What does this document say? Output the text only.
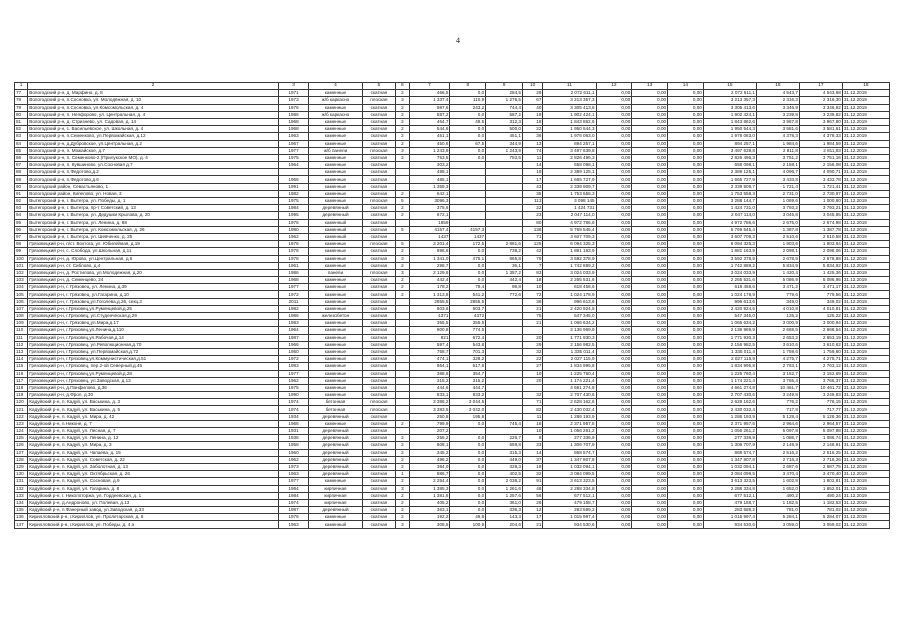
4
1	2	3	4	5	6	7	8	9	10	11	12	13	14	15	16	17	18
77	Вологодский р-н, д. Марфино, д. 8	1971	каменные	скатная	2	466,5	0,0	284,5	28	2 072 611,1	0,00	0,00	0,00	2 072 611,1	4 543,7	4 543,68	31.12.2019
78	Вологодский р-н, п.Сосновка, ул. Молодёжная, д. 10	1973	ж/б каркасно	плоская	3	1 337,4	110,9	1 276,5	67	3 213 357,3	0,00	0,00	0,00	3 213 357,3	2 316,3	2 316,30	31.12.2019
79	Вологодский р-н, п.Сосновка, ул.Комсомольская, д. 4	1976	каменные	скатная	2	987,6	243,2	744,4	40	3 305 413,6	0,00	0,00	0,00	3 305 413,6	3 346,9	3 346,92	31.12.2019
80	Вологодский р-н, п. Непфорово, ул. Центральная, д. 4	1986	ж/б каркасно	скатная	2	587,2	0,0	587,2	19	1 902 424,1	0,00	0,00	0,00	1 902 424,1	3 239,8	3 239,82	31.12.2019
81	Вологодский р-н, д. Стризнево, ул. Садовая, д. 14	1968	каменные	скатная	2	464,7	49,5	312,3	18	1 843 862,6	0,00	0,00	0,00	1 843 862,6	3 967,8	3 967,80	31.12.2019
82	Вологодский р-н, с. Васильевское, ул. Школьная, д. 4	1968	каменные	скатная	2	544,6	0,0	500,0	22	1 950 544,3	0,00	0,00	0,00	1 950 544,3	3 581,6	3 581,61	31.12.2019
83	Вологодский р-н, п.Семенково, ул.Первомайская, д.12	1963	каменные	скатная	2	451,1	0,0	451,1	36	1 978 063,0	0,00	0,00	0,00	1 978 063,0	4 378,3	4 378,33	31.12.2019
84	Вологодский р-н, д.Дубровское, ул.Центральная, д.2	1967	каменные	скатная	2	450,6	67,5	344,9	13	894 257,1	0,00	0,00	0,00	894 257,1	1 984,6	1 984,59	31.12.2019
85	Вологодский р-н, п. Можайское, д.7	1977	ж/б панели	плоская	3	1 243,9	0,0	1 243,9	74	3 497 639,8	0,00	0,00	0,00	3 497 639,8	2 811,8	2 811,83	31.12.2019
86	Вологодский р-н, п. Семенково-2 (Прилукское МО), д. 4	1975	каменные	скатная	2	753,5	0,0	753,5	11	2 826 496,3	0,00	0,00	0,00	2 826 496,3	3 751,2	3 751,16	31.12.2019
87	Вологодский р-н, п. Кувшиново, ул.Сосновая д.7	1964	каменные	скатная		303,2			14	658 098,1	0,00	0,00	0,00	658 098,1	2 158,1	2 158,08	31.12.2019
88	Вологодский р-н, п.Федотово,д.2		каменные	скатная		498,1			18	2 389 125,1	0,00	0,00	0,00	2 389 125,1	4 096,7	4 090,71	31.12.2019
89	Вологодский р-н, п.Федотово,д.6	1966	каменные	скатная		485,1			17	1 665 727,9	0,00	0,00	0,00	1 665 727,9	3 433,8	3 433,78	31.12.2019
90	Вологодский район, Севастьяново, 1	1991	каменные	скатная		1 359,3			43	2 339 909,7	0,00	0,00	0,00	2 339 909,7	1 721,4	1 721,41	31.12.2019
91	Вологодский район, Кипелово, ул. Новая, 3	1982	каменные	скатная	2	642,1			35	1 753 558,3	0,00	0,00	0,00	1 753 558,3	2 731,0	2 730,97	31.12.2019
92	Вытегорский р-н, г. Вытегра, ул. Победы, д. 1	1975	каменные	плоская	5	3096,3			113	3 098 145	0,00	0,00	0,00	3 288 144,7	1 069,6	1 000,60	31.12.2019
93	Вытегорский р-н, г. Вытегра, пр-т Советский, д. 13	1984	деревянный	скатная	2	375,6			22	1 424 731	0,00	0,00	0,00	1 424 731,0	3 793,2	3 793,21	31.12.2019
94	Вытегорский р-н, г. Вытегра, ул. Дедушки Крылова, д. 20	1995	деревянный	скатная	2	672,1			23	2 047 114,0	0,00	0,00	0,00	2 047 114,0	3 045,8	3 045,85	31.12.2019
95	Вытегорский р-н, г. Вытегра, ул. Ленина, д. 88	1976	каменный	скатная		1859			80	4 972 786,6	0,00	0,00	0,00	4 972 786,6	2 675,0	2 674,98	31.12.2019
96	Вытегорский р-н, г. Вытегра, ул. Комсомольская, д. 26	1980	каменный	скатная	5	4157,4	4157,3		138	5 769 545,4	0,00	0,00	0,00	5 769 545,4	1 387,8	1 387,78	31.12.2019
97	Вытегорский р-н, г. Вытегра, ул. Шевченко, д. 25	1962	каменный	скатная		1437	1437		71	3 607 709,3	0,00	0,00	0,00	3 607 709,3	2 510,6	2 510,58	31.12.2019
98	Грязовецкий р-н, п/ст. Вохтога, ул. Юбилейная, д.19	1976	каменные	плоская	5	3 201,4	172,5	2 881,6	125	6 094 325,3	0,00	0,00	0,00	6 094 325,3	1 903,6	1 903,64	31.12.2019
99	Грязовецкий р-н, с. Слобода, ул.Школьная, д.11	1976	каменные	скатная	2	896,6	0,0	739,2	42	1 881 163,9	0,00	0,00	0,00	1 881 163,9	2 098,1	2 098,06	31.12.2019
100	Грязовецкий р-н, д. Юрово, ул.Центральная, д.6	1978	каменные	скатная	3	1 341,0	475,1	865,8	79	3 592 378,9	0,00	0,00	0,00	3 592 378,9	2 678,9	2 678,88	31.12.2019
101	Грязовецкий р-н, ст. Сиблово, д.4	1961	каменные	скатная	2	298,7	0,0	36,1	7	1 742 889,2	0,00	0,00	0,00	1 742 889,2	5 834,9	5 834,92	31.12.2019
102	Грязовецкий р-н, д. Ростилово, ул.Молодежная, д.20	1986	панели	плоская	3	2 129,6	0,0	1 357,2	83	3 024 033,9	0,00	0,00	0,00	3 024 033,9	1 420,4	1 425,36	31.12.2019
103	Грязовецкий р-н, д. Семенцево, 24	1968	каменные	скатная	2	442,4	0,0	442,4	18	2 265 531,6	0,00	0,00	0,00	2 265 531,6	5 086,9	5 086,95	31.12.2019
104	Грязовецкий р-н, г. Грязовец, ул. Ленина, д.39	1977	каменные	скатная	2	178,2	79,4	98,8	10	618 458,6	0,00	0,00	0,00	618 458,6	3 471,2	3 471,17	31.12.2019
105	Грязовецкий р-н, г. Грязовец, ул.Гагарина, д.10	1972	каменные	скатная	2	1 313,8	541,2	772,6	72	1 024 178,9	0,00	0,00	0,00	1 024 178,9	779,6	779,56	31.12.2019
106	Грязовецкий р-н, г. Грязовец,ул.Гоголева,д.26, секц.2	2011	каменные	скатная		2855,5	2855,5		36	996 613,6	0,00	0,00	0,00	996 613,6	349,0	349,02	31.12.2019
107	Грязовецкий р-н, г.Грязовец,ул.Румянцевой,д.25	1982	каменные	скатная		603,6	603,7		21	2 420 924,5	0,00	0,00	0,00	2 420 924,5	4 010,8	4 010,81	31.12.2019
108	Грязовецкий р-н, г.Грязовец, ул.Студенческая,д.29	1986	железобетон	скатная		4371	4372		75	547 345,0	0,00	0,00	0,00	547 345,0	125,2	125,22	31.12.2019
109	Грязовецкий р-н, г. Грязовец,ул.Мира,д.17	1983	каменные	скатная		355,5	355,5		21	1 066 634,2	0,00	0,00	0,00	1 066 634,2	3 000,9	3 000,94	31.12.2019
110	Грязовецкий р-н, г.Грязовец,ул.Ленина,д.110	1964	каменные	скатная		800,8	774,5			2 136 969,9	0,00	0,00	0,00	2 136 969,9	2 668,5	2 668,54	31.12.2019
111	Грязовецкий р-н, г.Грязовец,ул.Рабочая,д.14	1987	каменные	скатная		821	672,4		20	1 771 930,3	0,00	0,00	0,00	1 771 930,3	2 653,2	2 653,19	31.12.2019
112	Грязовецкий р-н, г.Грязовец, ул.Революционная,д.70	1966	каменные	скатная		597,4	543,8		29	2 156 982,5	0,00	0,00	0,00	2 156 982,5	3 610,6	3 610,62	31.12.2019
113	Грязовецкий р-н, г.Грязовец, ул.Первомайская,д.72	1950	каменные	скатная		758,7	701,3		32	1 335 011,4	0,00	0,00	0,00	1 335 011,4	1 759,6	1 759,60	31.12.2019
114	Грязовецкий р-н, г.Грязовец,ул.Коммунистическая,д.51	1972	каменные	скатная		474,1	328,2		22	2 027 115,9	0,00	0,00	0,00	2 027 115,9	4 275,7	4 275,71	31.12.2019
115	Грязовецкий р-н, г.Грязовец, пер.2-ой Северный,д.45	1983	каменные	скатная		664,1	617,6		27	1 834 995,8	0,00	0,00	0,00	1 834 995,8	2 763,1	2 763,12	31.12.2019
116	Грязовецкий р-н, г.Грязовец,ул.Румянцевой,д.28	1977	каменные	скатная		388,6	354,7		10	1 225 760,4	0,00	0,00	0,00	1 225 760,4	3 152,7	3 152,69	31.12.2019
117	Грязовецкий р-н, г.Грязовец, ул.Заводская, д.13	1962	каменные	скатная		315,2	315,2		20	1 174 221,4	0,00	0,00	0,00	1 174 221,4	3 765,4	3 765,37	31.12.2019
118	Грязовецкий р-н, д.Панфилово, д.36	1975	каменные	скатная		444,6	444,7			4 661 274,8	0,00	0,00	0,00	4 661 274,8	10 461,7	10 461,72	31.12.2019
119	Грязовецкий р-н, д.Фрол, д.30	1990	каменные	скатная		833,1	833,2		32	2 707 430,6	0,00	0,00	0,00	2 707 430,6	3 249,8	3 249,83	31.12.2019
120	Кадуйский р-н, п. Кадуй, ул. Васькина, д. 3	1974	бетонная	плоская		3 386,2	3 044,5		71	2 628 162,6	0,00	0,00	0,00	2 628 162,6	776,2	776,15	31.12.2019
121	Кадуйский р-н, п. Кадуй, ул. Васькина, д. 5	1974	бетонная	плоская		3 383,5	3 042,0		82	2 430 032,4	0,00	0,00	0,00	2 430 032,4	717,8	717,77	31.12.2019
122	Кадуйский р-н, п. Кадуй, ул. Мира, д. 42	1934	деревянный	скатная		250,8	195,8		11	1 286 193,9	0,00	0,00	0,00	1 286 193,9	5 128,4	5 128,36	31.12.2019
123	Кадуйский р-н, п.Никоне, д. 7	1966	каменные	скатная	2	799,9	0,0	745,4	16	2 371 957,5	0,00	0,00	0,00	2 371 957,5	2 964,6	2 964,57	31.12.2019
124	Кадуйский р-н, п. Кадуй, ул. Лесная, д. 7	1931	деревянный	скатная		207,2			10	1 056 261,2	0,00	0,00	0,00	1 056 261,2	5 097,8	5 097,88	31.12.2019
125	Кадуйский р-н, п. Кадуй, ул. Ленина, д. 12	1936	деревянный	скатная	2	255,2	0,0	226,7	8	277 336,9	0,00	0,00	0,00	277 336,9	1 086,7	1 086,74	31.12.2019
126	Кадуйский р-н, п. Кадуй, ул. Мира, д. 3	1958	деревянный	скатная	2	608,1	0,0	559,8	33	1 306 707,9	0,00	0,00	0,00	1 306 707,9	2 148,9	2 148,91	31.12.2019
127	Кадуйский р-н, п. Кадуй, ул. Чапаева, д. 15	1960	деревянный	скатная	2	345,2	0,0	315,3	14	868 574,7	0,00	0,00	0,00	868 574,7	2 516,2	2 516,25	31.12.2019
128	Кадуйский р-н, п. Кадуй, ул. Советская, д. 22	1962	деревянный	скатная	2	496,2	0,0	449,0	37	1 347 807,8	0,00	0,00	0,00	1 347 807,8	2 716,3	2 716,26	31.12.2019
129	Кадуйский р-н, п. Кадуй, ул. Заболотная, д. 13	1973	деревянный	скатная	2	384,0	0,0	328,3	19	1 032 094,1	0,00	0,00	0,00	1 032 094,1	2 687,6	2 687,75	31.12.2019
130	Кадуйский р-н, п. Кадуй, ул. Октябрьская, д. 26	1963	деревянный	скатная	1	886,7	0,0	402,5	32	3 084 099,5	0,00	0,00	0,00	3 084 099,5	3 470,4	3 470,40	31.12.2019
131	Кадуйский р-н, п. Кадуй, ул. Сосновая, д.9	1977	каменные	скатная	2	2 254,4	0,0	2 036,2	91	3 613 323,5	0,00	0,00	0,00	3 613 323,5	1 602,8	1 602,81	31.12.2019
132	Кадуйский р-н, п. Кадуй, ул. Гагарина, д. 8	1984	кирпичная	скатная	3	1 385,3	0,0	1 261,6	48	2 288 334,8	0,00	0,00	0,00	2 288 334,8	1 652,0	1 652,01	31.12.2019
133	Кадуйский р-н, г. Николоторжа, ул. Гордеевская, д. 1	1984	кирпичная	скатная	2	1 381,6	0,0	1 257,6	56	677 512,1	0,00	0,00	0,00	677 512,1	490,2	490,24	31.12.2019
134	Кадуйский р-н, д.Андроново, ул. Полевая, д.13	1974	кирпичная	скатная	2	405,2	0,0	361,0	26	479 158,7	0,00	0,00	0,00	479 158,7	1 182,5	1 182,53	31.12.2019
135	Кадуйский р-н, п.Фанерный завод, ул.Заводская, д.33	1987	деревянный	скатная	2	363,1	0,0	336,3	12	283 589,2	0,00	0,00	0,00	283 589,2	781,0	781,02	31.12.2019
136	Кирилловский р-н, г.Кириллов, ул. Пролетарская, д. 8	1976	каменные	скатная	2	192,2	49,8	143,3	17	1 015 997,4	0,00	0,00	0,00	1 015 997,4	5 284,1	5 284,07	31.12.2019
137	Кирилловский р-н, г.Кириллов, ул. Победы, д. 4 а	1963	каменный	скатная	3	308,5	100,9	204,6	21	934 530,6	0,00	0,00	0,00	934 530,6	3 059,0	3 059,02	31.12.2019
